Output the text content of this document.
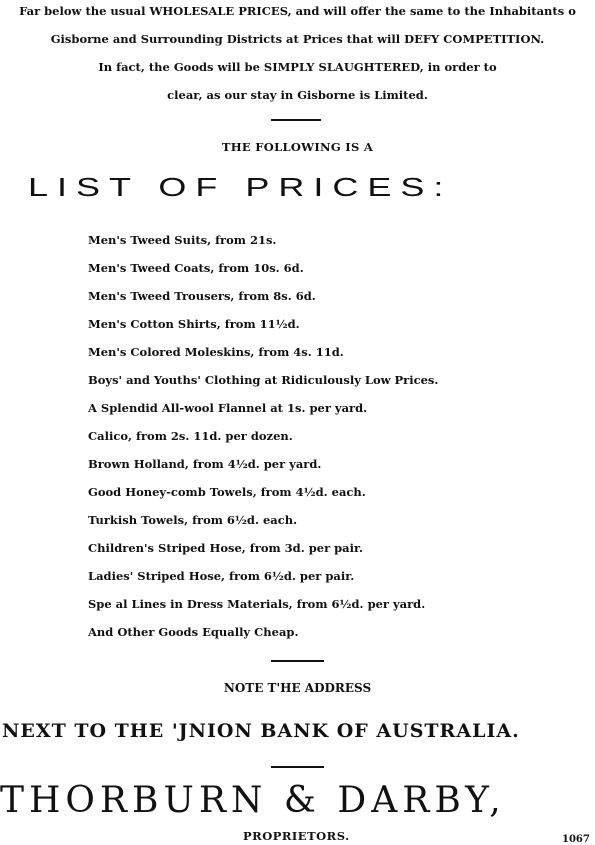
Far below the usual WHOLESALE PRICES, and will offer the same to the Inhabitants o
Gisborne and Surrounding Districts at Prices that will DEFY COMPETITION.
In fact, the Goods will be SIMPLY SLAUGHTERED, in order to
clear, as our stay in Gisborne is Limited.
THE FOLLOWING IS A
LIST OF PRICES:
Men's Tweed Suits, from 21s.
Men's Tweed Coats, from 10s. 6d.
Men's Tweed Trousers, from 8s. 6d.
Men's Cotton Shirts, from 11½d.
Men's Colored Moleskins, from 4s. 11d.
Boys' and Youths' Clothing at Ridiculously Low Prices.
A Splendid All-wool Flannel at 1s. per yard.
Calico, from 2s. 11d. per dozen.
Brown Holland, from 4½d. per yard.
Good Honey-comb Towels, from 4½d. each.
Turkish Towels, from 6½d. each.
Children's Striped Hose, from 3d. per pair.
Ladies' Striped Hose, from 6½d. per pair.
Spe al Lines in Dress Materials, from 6½d. per yard.
And Other Goods Equally Cheap.
NOTE T'HE ADDRESS
NEXT TO THE 'JNION BANK OF AUSTRALIA.
THORBURN & DARBY,
PROPRIETORS.	1067
